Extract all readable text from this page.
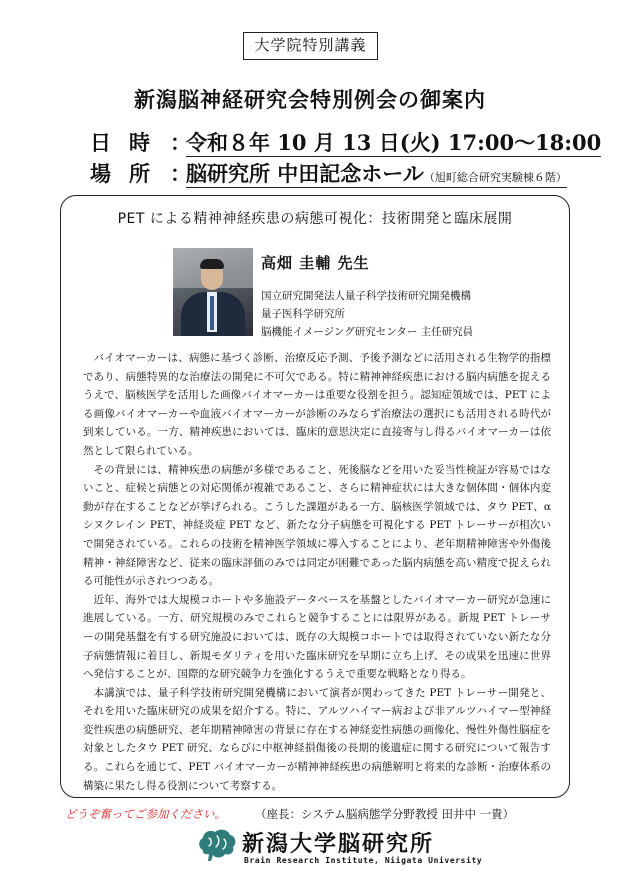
大学院特別講義
新潟脳神経研究会特別例会の御案内
日時：令和８年 10 月 13 日(火) 17:00～18:00
場所：脳研究所 中田記念ホール（旭町総合研究実験棟６階）
PET による精神神経疾患の病態可視化：技術開発と臨床展開
高畑 圭輔 先生
国立研究開発法人量子科学技術研究開発機構
量子医科学研究所
脳機能イメージング研究センター 主任研究員

バイオマーカーは、病態に基づく診断、治療反応予測、予後予測などに活用される生物学的指標であり、病態特異的な治療法の開発に不可欠である。特に精神神経疾患における脳内病態を捉えるうえで、脳核医学を活用した画像バイオマーカーは重要な役割を担う。認知症領域では、PET による画像バイオマーカーや血液バイオマーカーが診断のみならず治療法の選択にも活用される時代が到来している。一方、精神疾患においては、臨床的意思決定に直接寄与し得るバイオマーカーは依然として限られている。

その背景には、精神疾患の病態が多様であること、死後脳などを用いた妥当性検証が容易ではないこと、症候と病態との対応関係が複雑であること、さらに精神症状には大きな個体間・個体内変動が存在することなどが挙げられる。こうした課題がある一方、脳核医学領域では、タウ PET、α シヌクレイン PET、神経炎症 PET など、新たな分子病態を可視化する PET トレーサーが相次いで開発されている。これらの技術を精神医学領域に導入することにより、老年期精神障害や外傷後精神・神経障害など、従来の臨床評価のみでは同定が困難であった脳内病態を高い精度で捉えられる可能性が示されつつある。

近年、海外では大規模コホートや多施設データベースを基盤としたバイオマーカー研究が急速に進展している。一方、研究規模のみでこれらと競争することには限界がある。新規 PET トレーサーの開発基盤を有する研究施設においては、既存の大規模コホートでは取得されていない新たな分子病態情報に着目し、新規モダリティを用いた臨床研究を早期に立ち上げ、その成果を迅速に世界へ発信することが、国際的な研究競争力を強化するうえで重要な戦略となり得る。

本講演では、量子科学技術研究開発機構において演者が関わってきた PET トレーサー開発と、それを用いた臨床研究の成果を紹介する。特に、アルツハイマー病および非アルツハイマー型神経変性疾患の病態研究、老年期精神障害の背景に存在する神経変性病態の画像化、慢性外傷性脳症を対象としたタウ PET 研究、ならびに中枢神経損傷後の長期的後遺症に関する研究について報告する。これらを通じて、PET バイオマーカーが精神神経疾患の病態解明と将来的な診断・治療体系の構築に果たし得る役割について考察する。

どうぞ奮ってご参加ください。	（座長：システム脳病態学分野教授 田井中 一貴）
新潟大学脳研究所
Brain Research Institute, Niigata University
